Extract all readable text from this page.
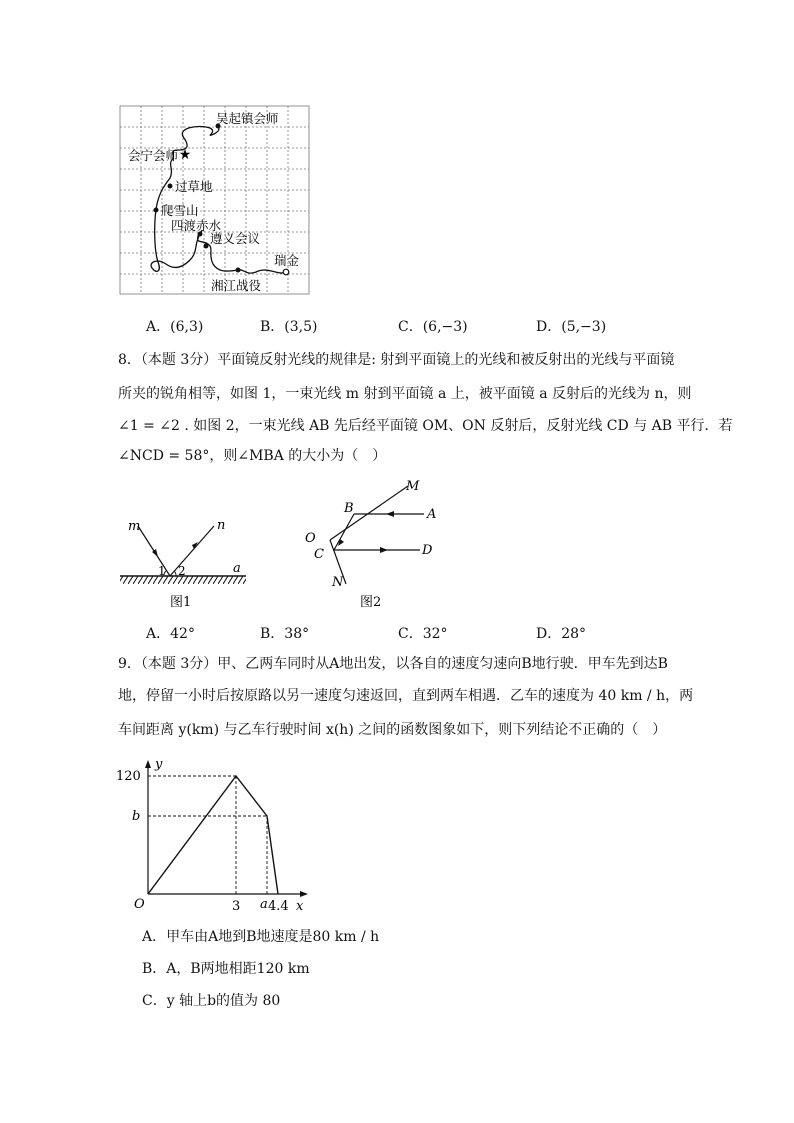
★
吴起镇会师
会宁会师
过草地
爬雪山
四渡赤水
遵义会议
瑞金
湘江战役
A．(6,3)	B．(3,5)	C．(6,−3)	D．(5,−3)
8．（本题 3分）平面镜反射光线的规律是: 射到平面镜上的光线和被反射出的光线与平面镜
所夹的锐角相等，如图 1，一束光线 m 射到平面镜 a 上，被平面镜 a 反射后的光线为 n，则
∠1 = ∠2 . 如图 2，一束光线 AB 先后经平面镜 OM、ON 反射后，反射光线 CD 与 AB 平行．若
∠NCD = 58°，则∠MBA 的大小为（　）
m	n
a
1 2
图1
M
B	A
O
C	D
N
图2
A．42°	B．38°	C．32°	D．28°
9．（本题 3分）甲、乙两车同时从A地出发，以各自的速度匀速向B地行驶．甲车先到达B
地，停留一小时后按原路以另一速度匀速返回，直到两车相遇．乙车的速度为 40 km / h，两
车间距离 y(km) 与乙车行驶时间 x(h) 之间的函数图象如下，则下列结论不正确的（　）
y
x
O
120
b
3 a 4.4
A．甲车由A地到B地速度是80 km / h
B．A，B两地相距120 km
C．y 轴上b的值为 80
